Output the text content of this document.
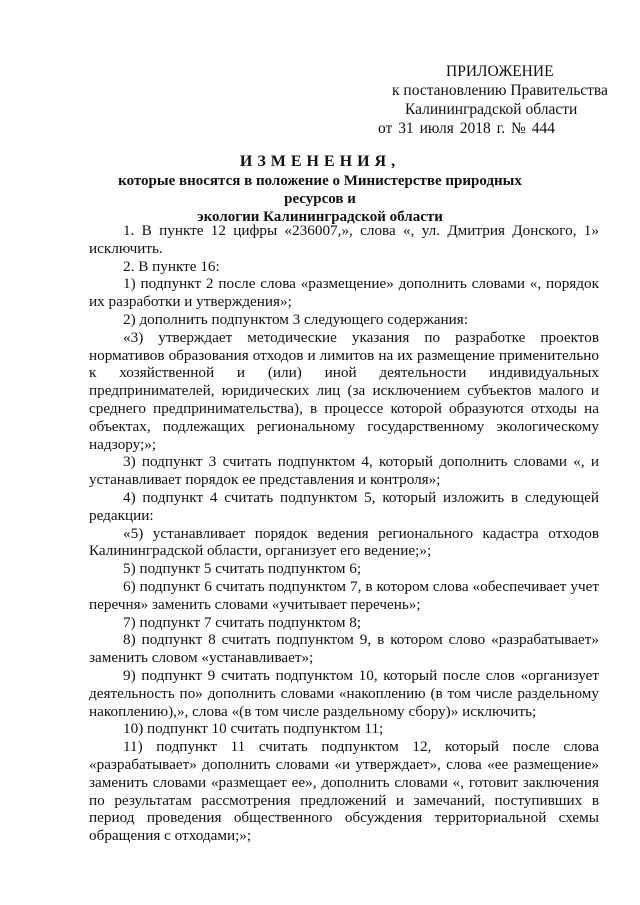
ПРИЛОЖЕНИЕ
к постановлению Правительства
Калининградской области
от 31 июля 2018 г. № 444
ИЗМЕНЕНИЯ,
которые вносятся в положение о Министерстве природных ресурсов и
экологии Калининградской области

1. В пункте 12 цифры «236007,», слова «, ул. Дмитрия Донского, 1» исключить.

2. В пункте 16:

1) подпункт 2 после слова «размещение» дополнить словами «, порядок их разработки и утверждения»;

2) дополнить подпунктом 3 следующего содержания:

«3) утверждает методические указания по разработке проектов нормативов образования отходов и лимитов на их размещение применительно к хозяйственной и (или) иной деятельности индивидуальных предпринимателей, юридических лиц (за исключением субъектов малого и среднего предпринимательства), в процессе которой образуются отходы на объектах, подлежащих региональному государственному экологическому надзору;»;

3) подпункт 3 считать подпунктом 4, который дополнить словами «, и устанавливает порядок ее представления и контроля»;

4) подпункт 4 считать подпунктом 5, который изложить в следующей редакции:

«5) устанавливает порядок ведения регионального кадастра отходов Калининградской области, организует его ведение;»;

5) подпункт 5 считать подпунктом 6;

6) подпункт 6 считать подпунктом 7, в котором слова «обеспечивает учет перечня» заменить словами «учитывает перечень»;

7) подпункт 7 считать подпунктом 8;

8) подпункт 8 считать подпунктом 9, в котором слово «разрабатывает» заменить словом «устанавливает»;

9) подпункт 9 считать подпунктом 10, который после слов «организует деятельность по» дополнить словами «накоплению (в том числе раздельному накоплению),», слова «(в том числе раздельному сбору)» исключить;

10) подпункт 10 считать подпунктом 11;

11) подпункт 11 считать подпунктом 12, который после слова «разрабатывает» дополнить словами «и утверждает», слова «ее размещение» заменить словами «размещает ее», дополнить словами «, готовит заключения по результатам рассмотрения предложений и замечаний, поступивших в период проведения общественного обсуждения территориальной схемы обращения с отходами;»;
